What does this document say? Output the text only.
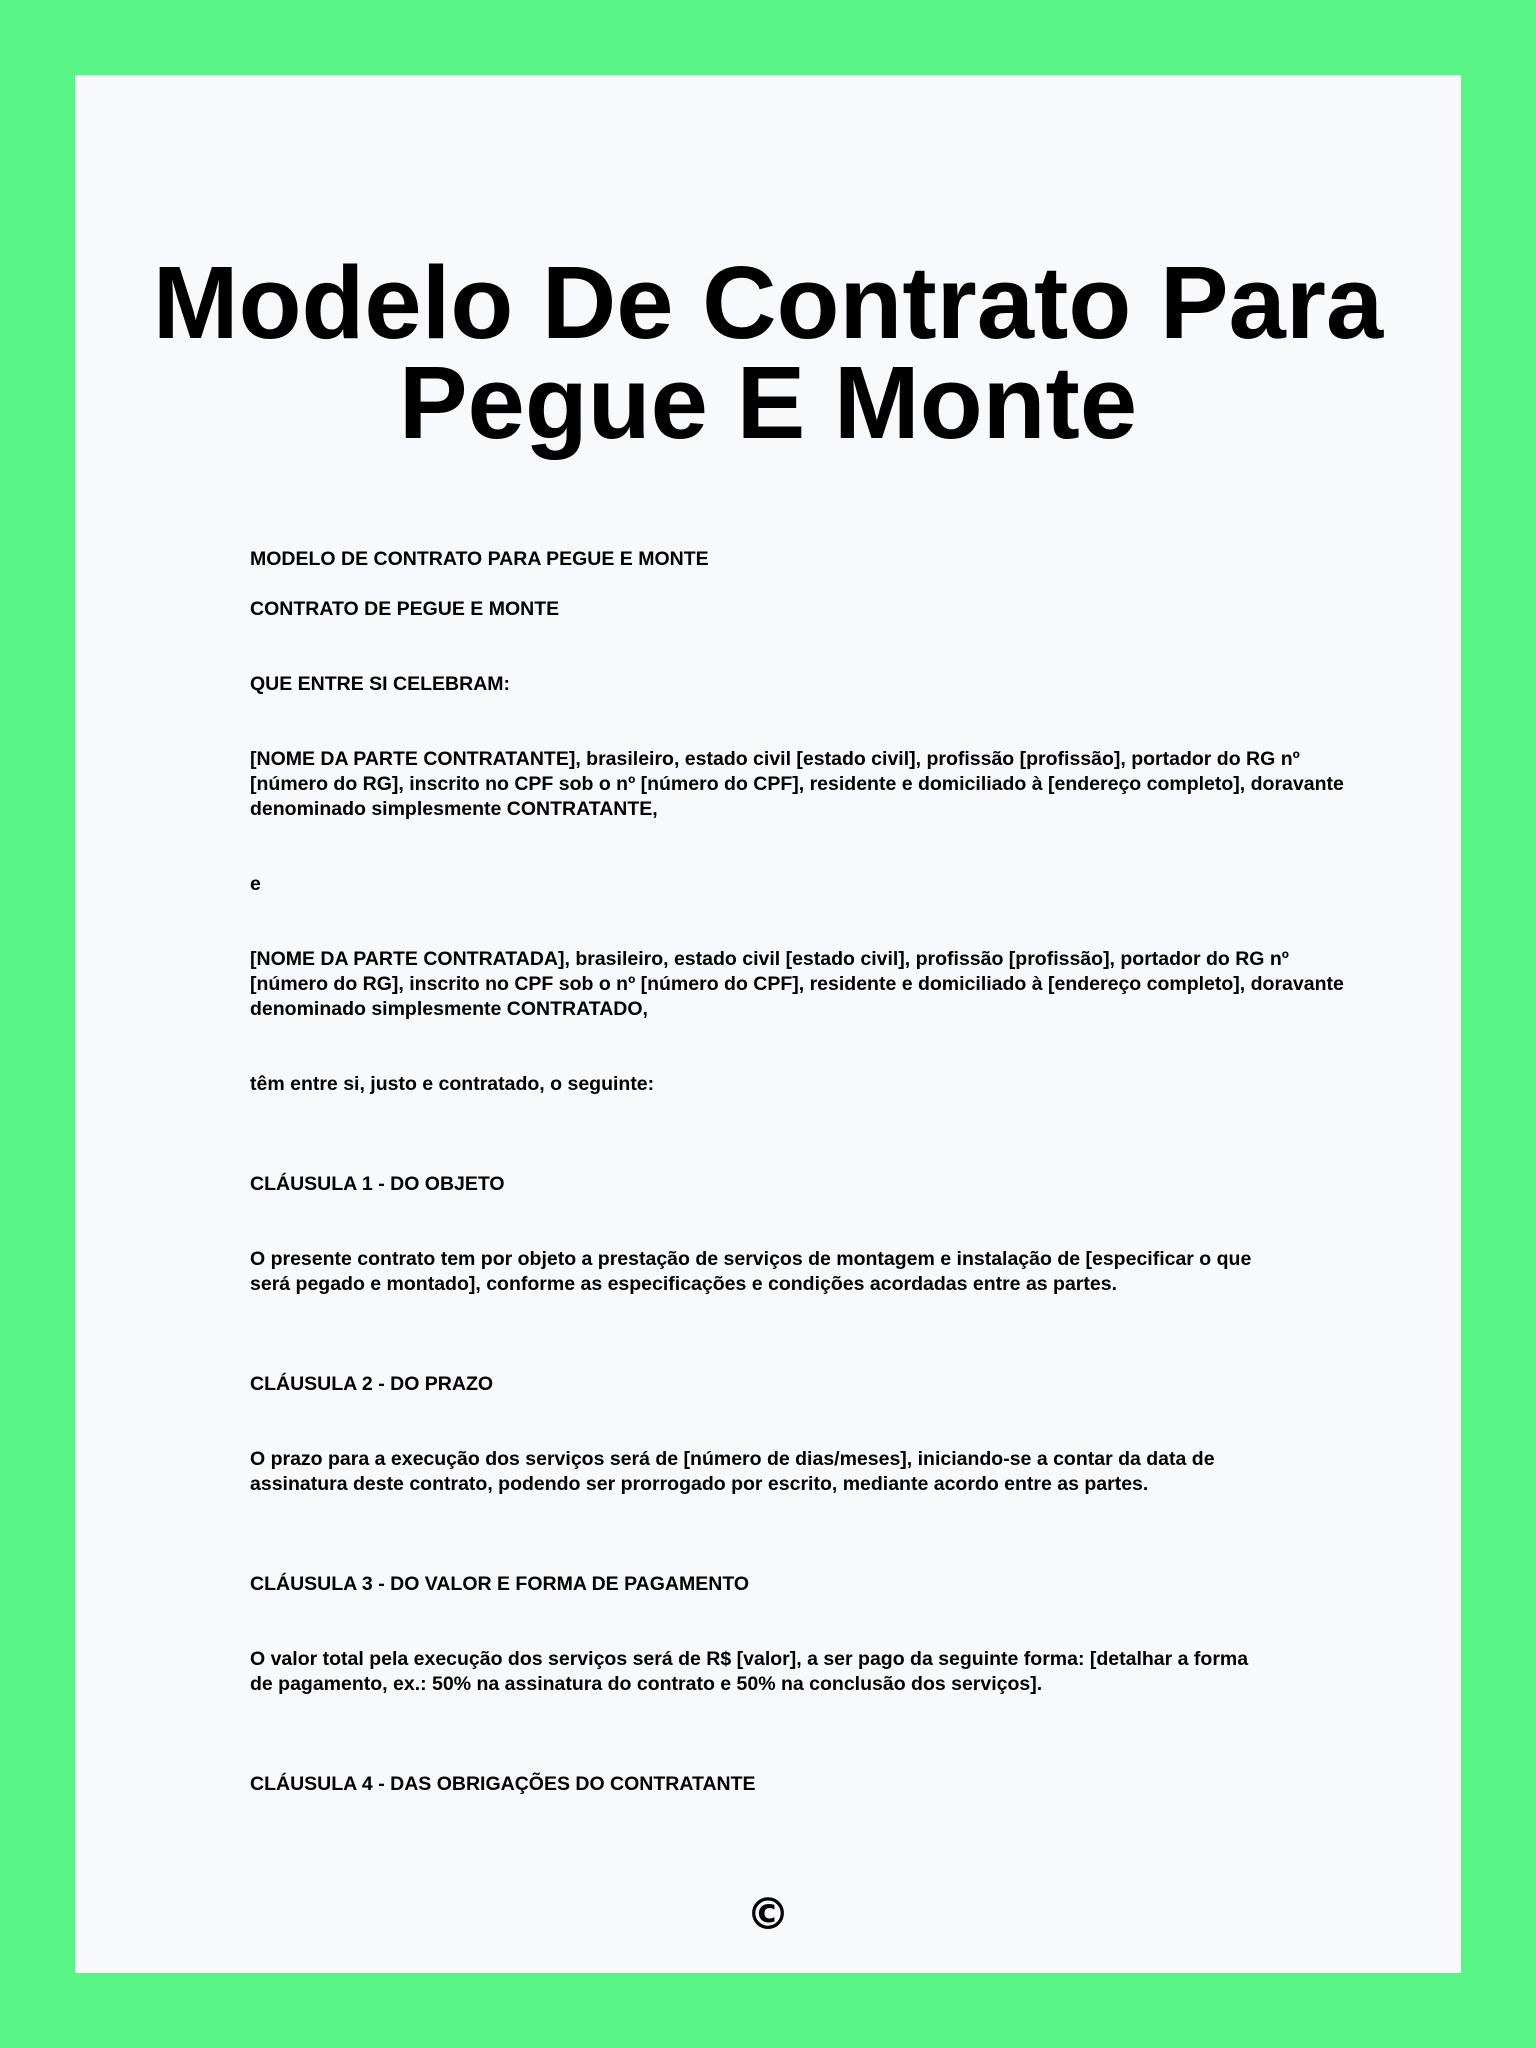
Modelo De Contrato Para
Pegue E Monte

MODELO DE CONTRATO PARA PEGUE E MONTE

CONTRATO DE PEGUE E MONTE

QUE ENTRE SI CELEBRAM:

[NOME DA PARTE CONTRATANTE], brasileiro, estado civil [estado civil], profissão [profissão], portador do RG nº [número do RG], inscrito no CPF sob o nº [número do CPF], residente e domiciliado à [endereço completo], doravante denominado simplesmente CONTRATANTE,

e

[NOME DA PARTE CONTRATADA], brasileiro, estado civil [estado civil], profissão [profissão], portador do RG nº [número do RG], inscrito no CPF sob o nº [número do CPF], residente e domiciliado à [endereço completo], doravante denominado simplesmente CONTRATADO,

têm entre si, justo e contratado, o seguinte:

CLÁUSULA 1 - DO OBJETO

O presente contrato tem por objeto a prestação de serviços de montagem e instalação de [especificar o que será pegado e montado], conforme as especificações e condições acordadas entre as partes.

CLÁUSULA 2 - DO PRAZO

O prazo para a execução dos serviços será de [número de dias/meses], iniciando-se a contar da data de assinatura deste contrato, podendo ser prorrogado por escrito, mediante acordo entre as partes.

CLÁUSULA 3 - DO VALOR E FORMA DE PAGAMENTO

O valor total pela execução dos serviços será de R$ [valor], a ser pago da seguinte forma: [detalhar a forma de pagamento, ex.: 50% na assinatura do contrato e 50% na conclusão dos serviços].

CLÁUSULA 4 - DAS OBRIGAÇÕES DO CONTRATANTE

©
